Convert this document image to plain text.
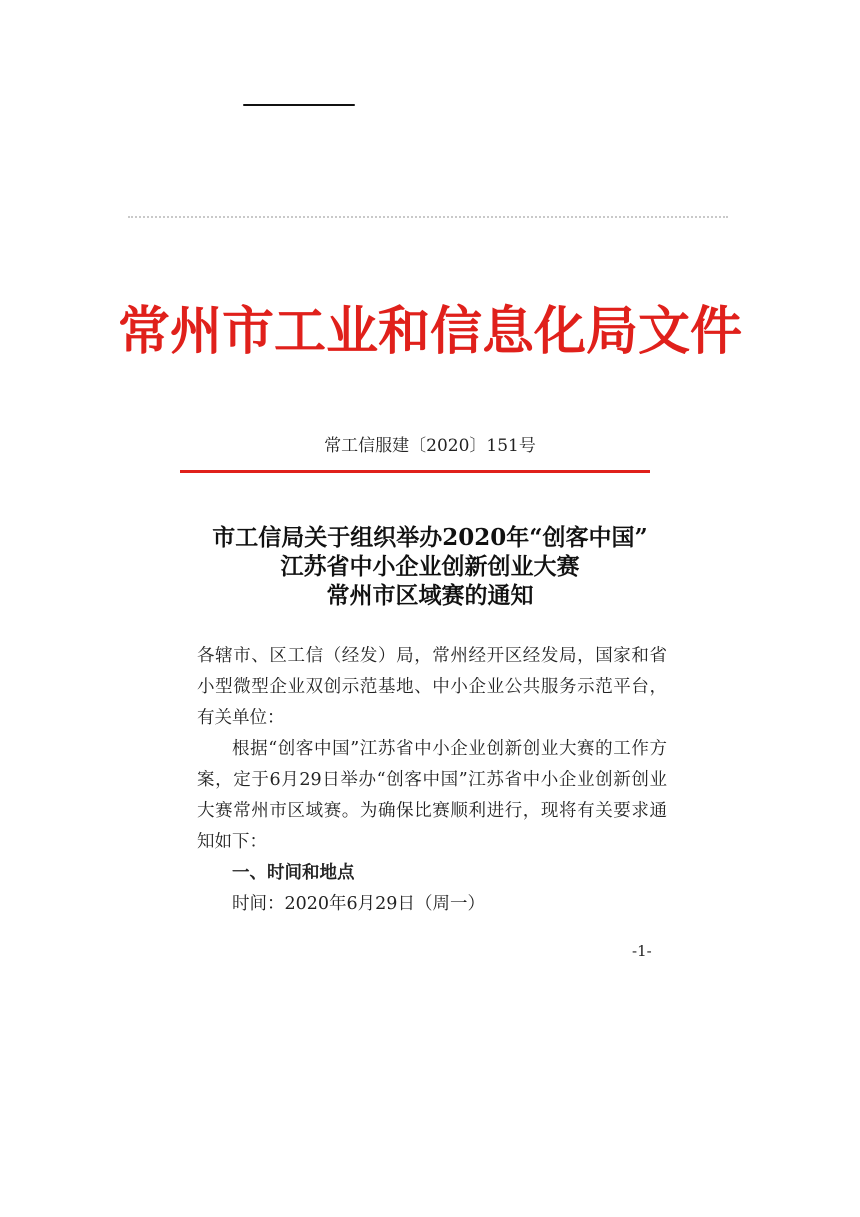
常州市工业和信息化局文件
常工信服建〔2020〕151号
市工信局关于组织举办2020年“创客中国”
江苏省中小企业创新创业大赛
常州市区域赛的通知

各辖市、区工信（经发）局，常州经开区经发局，国家和省小型微型企业双创示范基地、中小企业公共服务示范平台，有关单位：

根据“创客中国”江苏省中小企业创新创业大赛的工作方案，定于6月29日举办“创客中国”江苏省中小企业创新创业大赛常州市区域赛。为确保比赛顺利进行，现将有关要求通知如下：

一、时间和地点

时间：2020年6月29日（周一）

-1-
